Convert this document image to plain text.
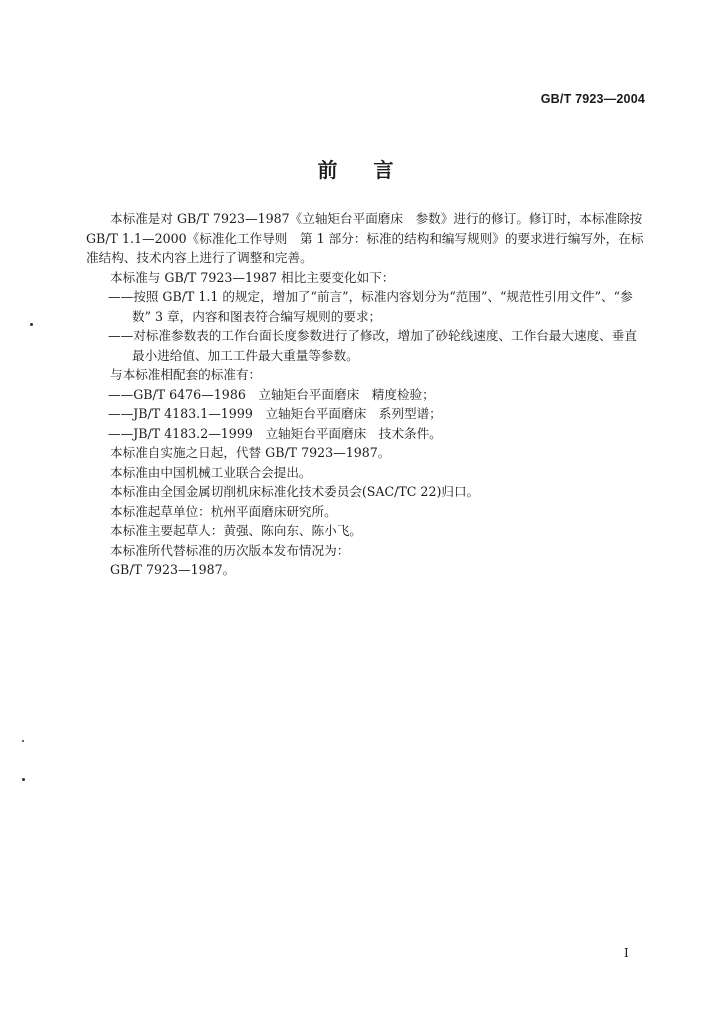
GB/T 7923—2004
前言

本标准是对 GB/T 7923—1987《立轴矩台平面磨床　参数》进行的修订。修订时，本标准除按 GB/T 1.1—2000《标准化工作导则　第 1 部分：标准的结构和编写规则》的要求进行编写外，在标准结构、技术内容上进行了调整和完善。

本标准与 GB/T 7923—1987 相比主要变化如下：

——按照 GB/T 1.1 的规定，增加了“前言”，标准内容划分为“范围”、“规范性引用文件”、“参数” 3 章，内容和图表符合编写规则的要求；

——对标准参数表的工作台面长度参数进行了修改，增加了砂轮线速度、工作台最大速度、垂直最小进给值、加工工件最大重量等参数。

与本标准相配套的标准有：

——GB/T 6476—1986　立轴矩台平面磨床　精度检验；

——JB/T 4183.1—1999　立轴矩台平面磨床　系列型谱；

——JB/T 4183.2—1999　立轴矩台平面磨床　技术条件。

本标准自实施之日起，代替 GB/T 7923—1987。

本标准由中国机械工业联合会提出。

本标准由全国金属切削机床标准化技术委员会(SAC/TC 22)归口。

本标准起草单位：杭州平面磨床研究所。

本标准主要起草人：黄强、陈向东、陈小飞。

本标准所代替标准的历次版本发布情况为：

GB/T 7923—1987。

I
